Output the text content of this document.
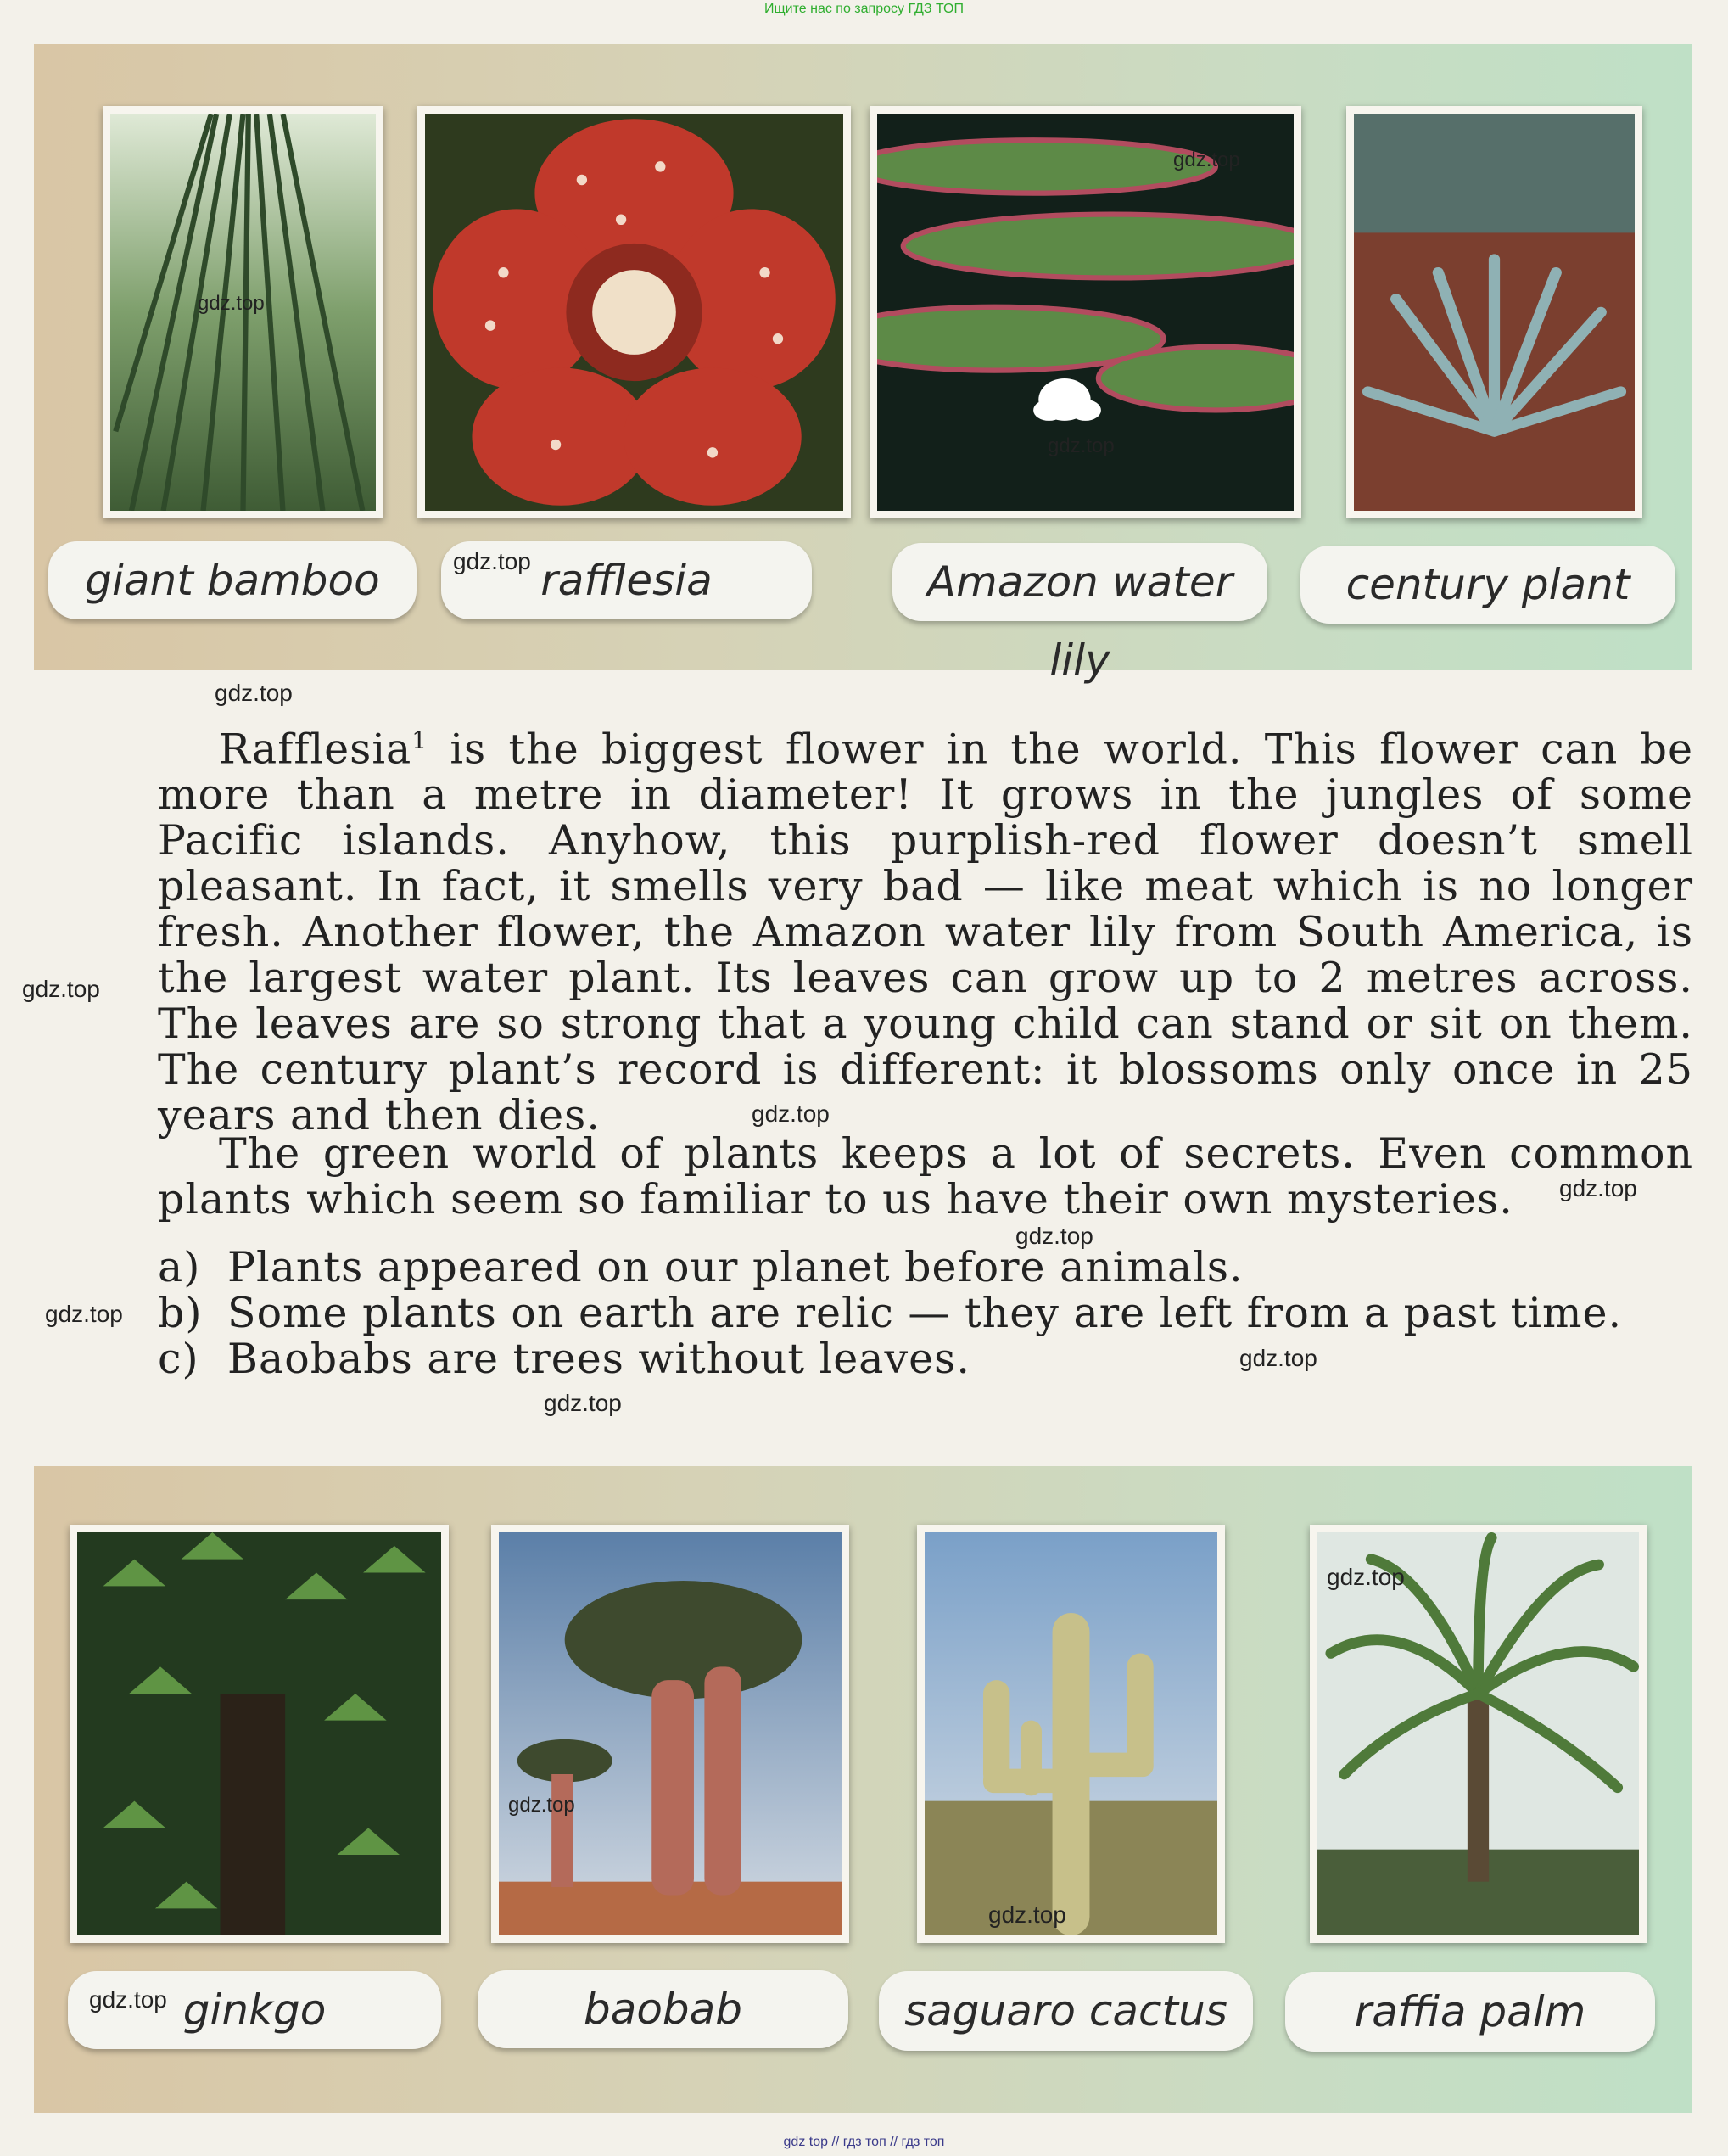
Ищите нас по запросу ГДЗ ТОП
giant bamboo	rafflesia	Amazon water lily
century plant

Rafflesia$^1$ is the biggest flower in the world. This flower can be more than a metre in diameter! It grows in the jungles of some Pacific islands. Anyhow, this purplish-red flower doesn’t smell pleasant. In fact, it smells very bad — like meat which is no longer fresh. Another flower, the Amazon water lily from South America, is the largest water plant. Its leaves can grow up to 2 metres across. The leaves are so strong that a young child can stand or sit on them. The century plant’s record is different: it blossoms only once in 25 years and then dies.

The green world of plants keeps a lot of secrets. Even common plants which seem so familiar to us have their own mysteries.

a) Plants appeared on our planet before animals.
b) Some plants on earth are relic — they are left from a past time.
c) Baobabs are trees without leaves.
ginkgo	baobab	saguaro cactus	raffia palm
gdz.top
gdz.top
gdz.top
gdz.top
gdz.top
gdz.top
gdz.top
gdz.top
gdz.top
gdz.top
gdz.top
gdz.top
gdz.top
gdz.top
gdz.top
gdz.top
gdz top // гдз топ // гдз топ
